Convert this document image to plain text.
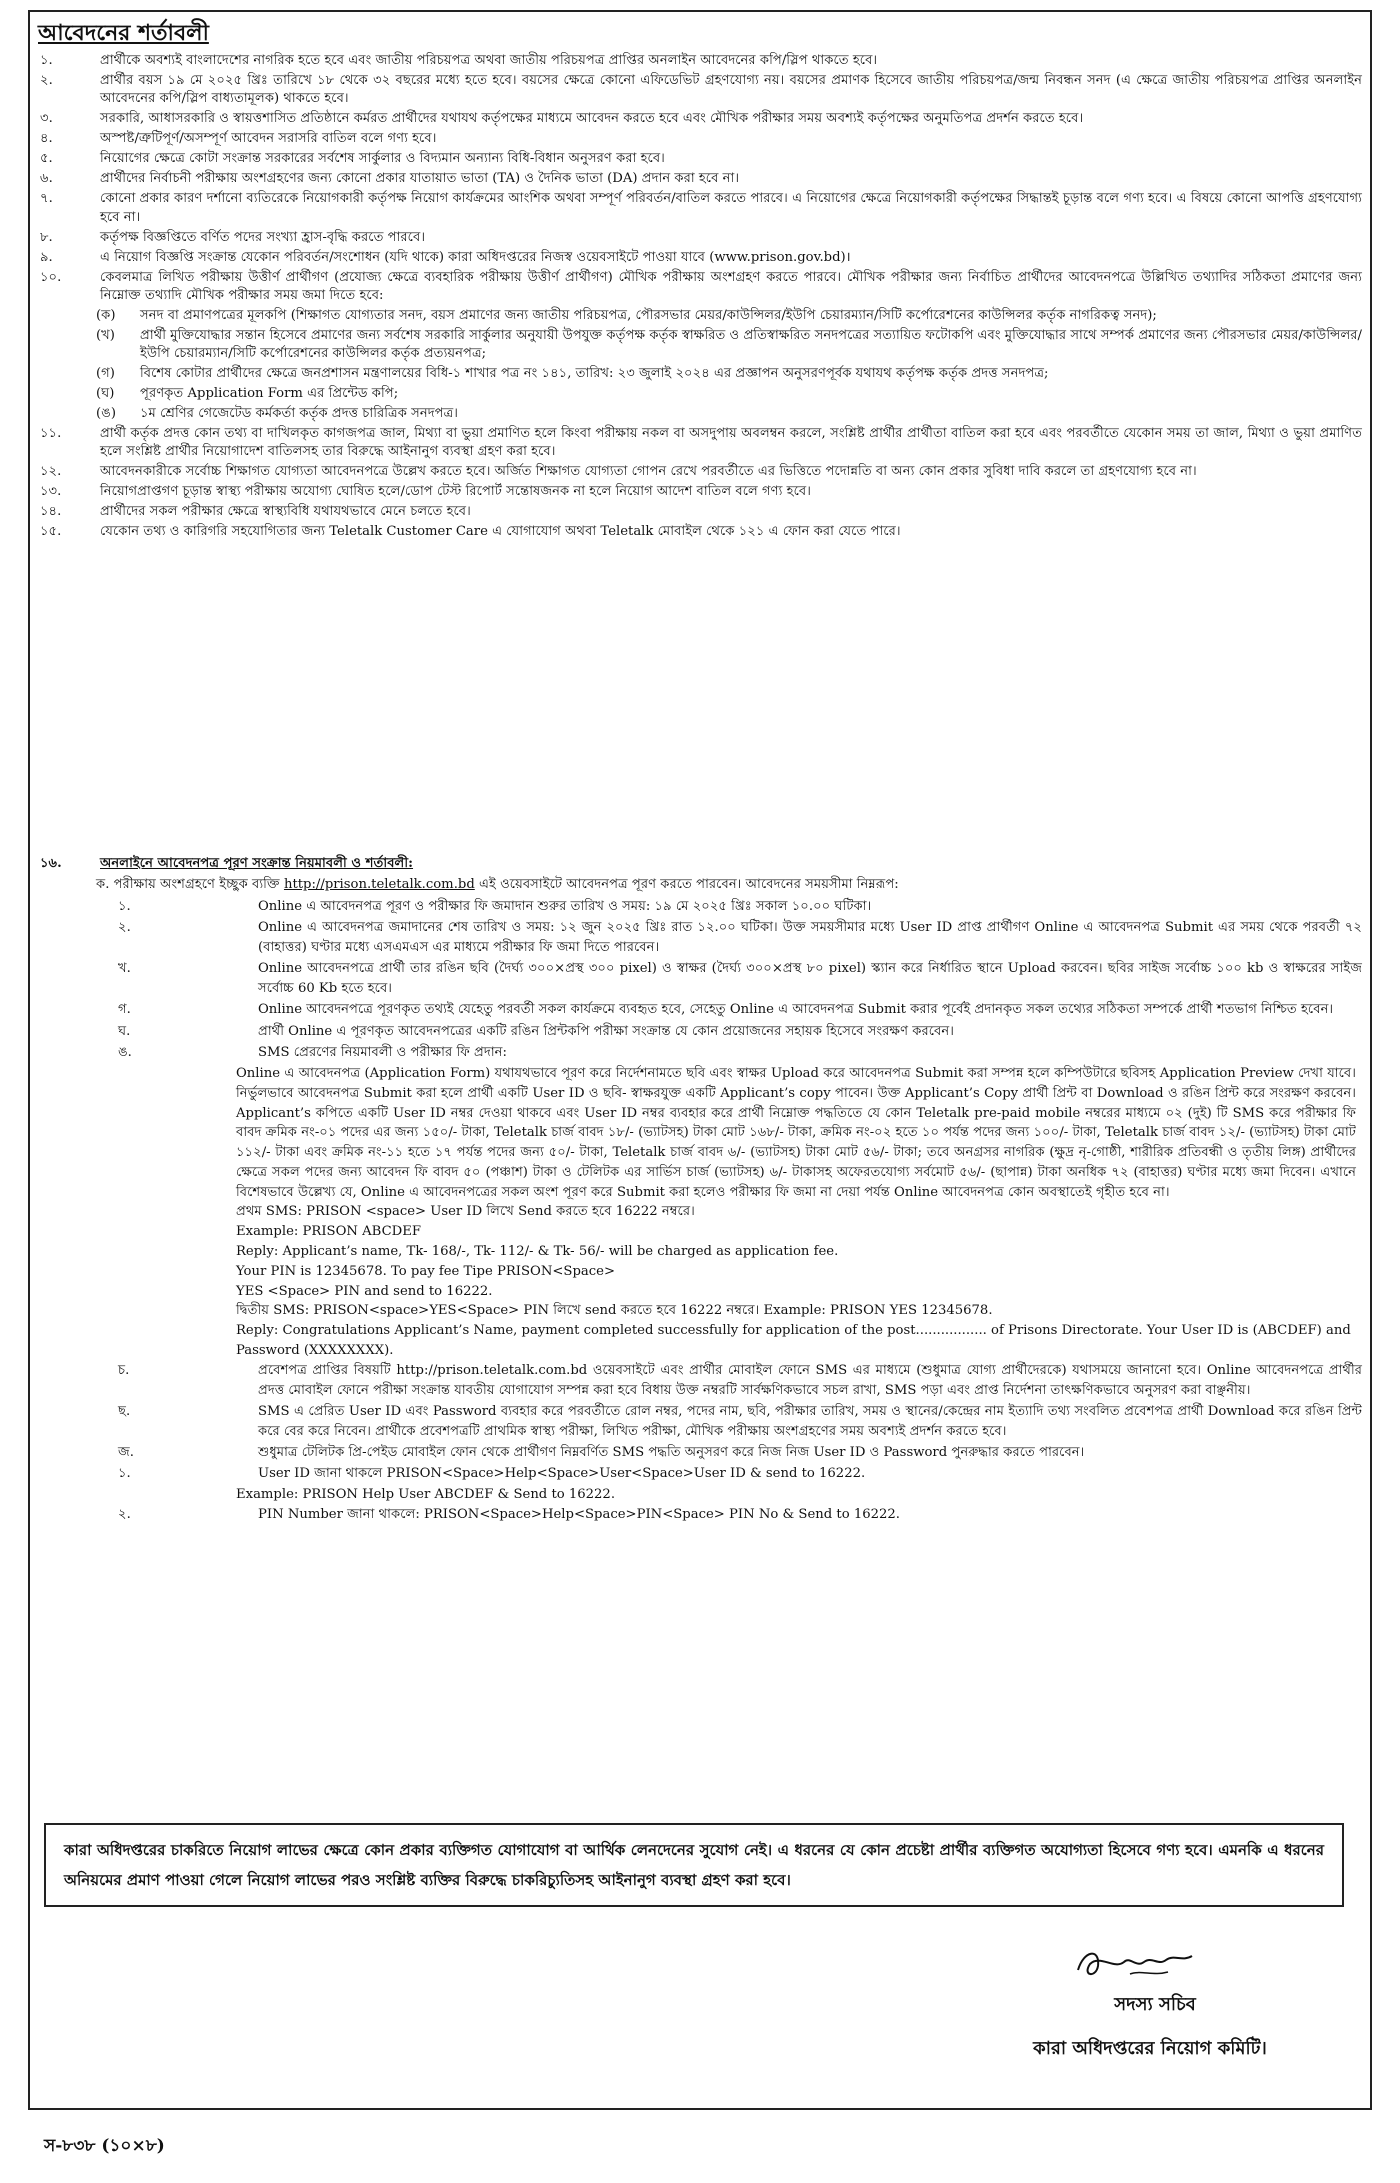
আবেদনের শর্তাবলী
১.	প্রার্থীকে অবশ্যই বাংলাদেশের নাগরিক হতে হবে এবং জাতীয় পরিচয়পত্র অথবা জাতীয় পরিচয়পত্র প্রাপ্তির অনলাইন আবেদনের কপি/স্লিপ থাকতে হবে।
২.	প্রার্থীর বয়স ১৯ মে ২০২৫ খ্রিঃ তারিখে ১৮ থেকে ৩২ বছরের মধ্যে হতে হবে। বয়সের ক্ষেত্রে কোনো এফিডেভিট গ্রহণযোগ্য নয়। বয়সের প্রমাণক হিসেবে জাতীয় পরিচয়পত্র/জন্ম নিবন্ধন সনদ (এ ক্ষেত্রে জাতীয় পরিচয়পত্র প্রাপ্তির অনলাইন আবেদনের কপি/স্লিপ বাধ্যতামূলক) থাকতে হবে।
৩.	সরকারি, আধাসরকারি ও স্বায়ত্তশাসিত প্রতিষ্ঠানে কর্মরত প্রার্থীদের যথাযথ কর্তৃপক্ষের মাধ্যমে আবেদন করতে হবে এবং মৌখিক পরীক্ষার সময় অবশ্যই কর্তৃপক্ষের অনুমতিপত্র প্রদর্শন করতে হবে।
৪.	অস্পষ্ট/ত্রুটিপূর্ণ/অসম্পূর্ণ আবেদন সরাসরি বাতিল বলে গণ্য হবে।
৫.	নিয়োগের ক্ষেত্রে কোটা সংক্রান্ত সরকারের সর্বশেষ সার্কুলার ও বিদ্যমান অন্যান্য বিধি-বিধান অনুসরণ করা হবে।
৬.	প্রার্থীদের নির্বাচনী পরীক্ষায় অংশগ্রহণের জন্য কোনো প্রকার যাতায়াত ভাতা (TA) ও দৈনিক ভাতা (DA) প্রদান করা হবে না।
৭.	কোনো প্রকার কারণ দর্শানো ব্যতিরেকে নিয়োগকারী কর্তৃপক্ষ নিয়োগ কার্যক্রমের আংশিক অথবা সম্পূর্ণ পরিবর্তন/বাতিল করতে পারবে। এ নিয়োগের ক্ষেত্রে নিয়োগকারী কর্তৃপক্ষের সিদ্ধান্তই চূড়ান্ত বলে গণ্য হবে। এ বিষয়ে কোনো আপত্তি গ্রহণযোগ্য হবে না।
৮.	কর্তৃপক্ষ বিজ্ঞপ্তিতে বর্ণিত পদের সংখ্যা হ্রাস-বৃদ্ধি করতে পারবে।
৯.	এ নিয়োগ বিজ্ঞপ্তি সংক্রান্ত যেকোন পরিবর্তন/সংশোধন (যদি থাকে) কারা অধিদপ্তরের নিজস্ব ওয়েবসাইটে পাওয়া যাবে (www.prison.gov.bd)।
১০.	কেবলমাত্র লিখিত পরীক্ষায় উত্তীর্ণ প্রার্থীগণ (প্রযোজ্য ক্ষেত্রে ব্যবহারিক পরীক্ষায় উত্তীর্ণ প্রার্থীগণ) মৌখিক পরীক্ষায় অংশগ্রহণ করতে পারবে। মৌখিক পরীক্ষার জন্য নির্বাচিত প্রার্থীদের আবেদনপত্রে উল্লিখিত তথ্যাদির সঠিকতা প্রমাণের জন্য নিম্নোক্ত তথ্যাদি মৌখিক পরীক্ষার সময় জমা দিতে হবে:
(ক)	সনদ বা প্রমাণপত্রের মূলকপি (শিক্ষাগত যোগ্যতার সনদ, বয়স প্রমাণের জন্য জাতীয় পরিচয়পত্র, পৌরসভার মেয়র/কাউন্সিলর/ইউপি চেয়ারম্যান/সিটি কর্পোরেশনের কাউন্সিলর কর্তৃক নাগরিকত্ব সনদ);
(খ)	প্রার্থী মুক্তিযোদ্ধার সন্তান হিসেবে প্রমাণের জন্য সর্বশেষ সরকারি সার্কুলার অনুযায়ী উপযুক্ত কর্তৃপক্ষ কর্তৃক স্বাক্ষরিত ও প্রতিস্বাক্ষরিত সনদপত্রের সত্যায়িত ফটোকপি এবং মুক্তিযোদ্ধার সাথে সম্পর্ক প্রমাণের জন্য পৌরসভার মেয়র/কাউন্সিলর/ইউপি চেয়ারম্যান/সিটি কর্পোরেশনের কাউন্সিলর কর্তৃক প্রত্যয়নপত্র;
(গ)	বিশেষ কোটার প্রার্থীদের ক্ষেত্রে জনপ্রশাসন মন্ত্রণালয়ের বিধি-১ শাখার পত্র নং ১৪১, তারিখ: ২৩ জুলাই ২০২৪ এর প্রজ্ঞাপন অনুসরণপূর্বক যথাযথ কর্তৃপক্ষ কর্তৃক প্রদত্ত সনদপত্র;
(ঘ)	পূরণকৃত Application Form এর প্রিন্টেড কপি;
(ঙ)	১ম শ্রেণির গেজেটেড কর্মকর্তা কর্তৃক প্রদত্ত চারিত্রিক সনদপত্র।
১১.	প্রার্থী কর্তৃক প্রদত্ত কোন তথ্য বা দাখিলকৃত কাগজপত্র জাল, মিথ্যা বা ভুয়া প্রমাণিত হলে কিংবা পরীক্ষায় নকল বা অসদুপায় অবলম্বন করলে, সংশ্লিষ্ট প্রার্থীর প্রার্থীতা বাতিল করা হবে এবং পরবর্তীতে যেকোন সময় তা জাল, মিথ্যা ও ভুয়া প্রমাণিত হলে সংশ্লিষ্ট প্রার্থীর নিয়োগাদেশ বাতিলসহ তার বিরুদ্ধে আইনানুগ ব্যবস্থা গ্রহণ করা হবে।
১২.	আবেদনকারীকে সর্বোচ্চ শিক্ষাগত যোগ্যতা আবেদনপত্রে উল্লেখ করতে হবে। অর্জিত শিক্ষাগত যোগ্যতা গোপন রেখে পরবর্তীতে এর ভিত্তিতে পদোন্নতি বা অন্য কোন প্রকার সুবিধা দাবি করলে তা গ্রহণযোগ্য হবে না।
১৩.	নিয়োগপ্রাপ্তগণ চূড়ান্ত স্বাস্থ্য পরীক্ষায় অযোগ্য ঘোষিত হলে/ডোপ টেস্ট রিপোর্ট সন্তোষজনক না হলে নিয়োগ আদেশ বাতিল বলে গণ্য হবে।
১৪.	প্রার্থীদের সকল পরীক্ষার ক্ষেত্রে স্বাস্থ্যবিধি যথাযথভাবে মেনে চলতে হবে।
১৫.	যেকোন তথ্য ও কারিগরি সহযোগিতার জন্য Teletalk Customer Care এ যোগাযোগ অথবা Teletalk মোবাইল থেকে ১২১ এ ফোন করা যেতে পারে।
১৬.	অনলাইনে আবেদনপত্র পূরণ সংক্রান্ত নিয়মাবলী ও শর্তাবলী:
ক. পরীক্ষায় অংশগ্রহণে ইচ্ছুক ব্যক্তি http://prison.teletalk.com.bd এই ওয়েবসাইটে আবেদনপত্র পূরণ করতে পারবেন। আবেদনের সময়সীমা নিম্নরূপ:
১.	Online এ আবেদনপত্র পূরণ ও পরীক্ষার ফি জমাদান শুরুর তারিখ ও সময়: ১৯ মে ২০২৫ খ্রিঃ সকাল ১০.০০ ঘটিকা।
২.	Online এ আবেদনপত্র জমাদানের শেষ তারিখ ও সময়: ১২ জুন ২০২৫ খ্রিঃ রাত ১২.০০ ঘটিকা। উক্ত সময়সীমার মধ্যে User ID প্রাপ্ত প্রার্থীগণ Online এ আবেদনপত্র Submit এর সময় থেকে পরবর্তী ৭২ (বাহাত্তর) ঘণ্টার মধ্যে এসএমএস এর মাধ্যমে পরীক্ষার ফি জমা দিতে পারবেন।
খ.	Online আবেদনপত্রে প্রার্থী তার রঙিন ছবি (দৈর্ঘ্য ৩০০×প্রস্থ ৩০০ pixel) ও স্বাক্ষর (দৈর্ঘ্য ৩০০×প্রস্থ ৮০ pixel) স্ক্যান করে নির্ধারিত স্থানে Upload করবেন। ছবির সাইজ সর্বোচ্চ ১০০ kb ও স্বাক্ষরের সাইজ সর্বোচ্চ 60 Kb হতে হবে।
গ.	Online আবেদনপত্রে পূরণকৃত তথ্যই যেহেতু পরবর্তী সকল কার্যক্রমে ব্যবহৃত হবে, সেহেতু Online এ আবেদনপত্র Submit করার পূর্বেই প্রদানকৃত সকল তথ্যের সঠিকতা সম্পর্কে প্রার্থী শতভাগ নিশ্চিত হবেন।
ঘ.	প্রার্থী Online এ পূরণকৃত আবেদনপত্রের একটি রঙিন প্রিন্টকপি পরীক্ষা সংক্রান্ত যে কোন প্রয়োজনের সহায়ক হিসেবে সংরক্ষণ করবেন।
ঙ.	SMS প্রেরণের নিয়মাবলী ও পরীক্ষার ফি প্রদান:
Online এ আবেদনপত্র (Application Form) যথাযথভাবে পূরণ করে নির্দেশনামতে ছবি এবং স্বাক্ষর Upload করে আবেদনপত্র Submit করা সম্পন্ন হলে কম্পিউটারে ছবিসহ Application Preview দেখা যাবে। নির্ভুলভাবে আবেদনপত্র Submit করা হলে প্রার্থী একটি User ID ও ছবি- স্বাক্ষরযুক্ত একটি Applicant’s copy পাবেন। উক্ত Applicant’s Copy প্রার্থী প্রিন্ট বা Download ও রঙিন প্রিন্ট করে সংরক্ষণ করবেন। Applicant’s কপিতে একটি User ID নম্বর দেওয়া থাকবে এবং User ID নম্বর ব্যবহার করে প্রার্থী নিম্নোক্ত পদ্ধতিতে যে কোন Teletalk pre-paid mobile নম্বরের মাধ্যমে ০২ (দুই) টি SMS করে পরীক্ষার ফি বাবদ ক্রমিক নং-০১ পদের এর জন্য ১৫০/- টাকা, Teletalk চার্জ বাবদ ১৮/- (ভ্যাটসহ) টাকা মোট ১৬৮/- টাকা, ক্রমিক নং-০২ হতে ১০ পর্যন্ত পদের জন্য ১০০/- টাকা, Teletalk চার্জ বাবদ ১২/- (ভ্যাটসহ) টাকা মোট ১১২/- টাকা এবং ক্রমিক নং-১১ হতে ১৭ পর্যন্ত পদের জন্য ৫০/- টাকা, Teletalk চার্জ বাবদ ৬/- (ভ্যাটসহ) টাকা মোট ৫৬/- টাকা; তবে অনগ্রসর নাগরিক (ক্ষুদ্র নৃ-গোষ্ঠী, শারীরিক প্রতিবন্ধী ও তৃতীয় লিঙ্গ) প্রার্থীদের ক্ষেত্রে সকল পদের জন্য আবেদন ফি বাবদ ৫০ (পঞ্চাশ) টাকা ও টেলিটক এর সার্ভিস চার্জ (ভ্যাটসহ) ৬/- টাকাসহ অফেরতযোগ্য সর্বমোট ৫৬/- (ছাপান্ন) টাকা অনধিক ৭২ (বাহাত্তর) ঘণ্টার মধ্যে জমা দিবেন। এখানে বিশেষভাবে উল্লেখ্য যে, Online এ আবেদনপত্রের সকল অংশ পূরণ করে Submit করা হলেও পরীক্ষার ফি জমা না দেয়া পর্যন্ত Online আবেদনপত্র কোন অবস্থাতেই গৃহীত হবে না।
প্রথম SMS: PRISON <space> User ID লিখে Send করতে হবে 16222 নম্বরে।
Example: PRISON ABCDEF
Reply: Applicant’s name, Tk- 168/-, Tk- 112/- & Tk- 56/- will be charged as application fee.
Your PIN is 12345678. To pay fee Tipe PRISON<Space>
YES <Space> PIN and send to 16222.
দ্বিতীয় SMS: PRISON<space>YES<Space> PIN লিখে send করতে হবে 16222 নম্বরে। Example: PRISON YES 12345678.
Reply: Congratulations Applicant’s Name, payment completed successfully for application of the post................. of Prisons Directorate. Your User ID is (ABCDEF) and Password (XXXXXXXX).
চ.	প্রবেশপত্র প্রাপ্তির বিষয়টি http://prison.teletalk.com.bd ওয়েবসাইটে এবং প্রার্থীর মোবাইল ফোনে SMS এর মাধ্যমে (শুধুমাত্র যোগ্য প্রার্থীদেরকে) যথাসময়ে জানানো হবে। Online আবেদনপত্রে প্রার্থীর প্রদত্ত মোবাইল ফোনে পরীক্ষা সংক্রান্ত যাবতীয় যোগাযোগ সম্পন্ন করা হবে বিধায় উক্ত নম্বরটি সার্বক্ষণিকভাবে সচল রাখা, SMS পড়া এবং প্রাপ্ত নির্দেশনা তাৎক্ষণিকভাবে অনুসরণ করা বাঞ্ছনীয়।
ছ.	SMS এ প্রেরিত User ID এবং Password ব্যবহার করে পরবর্তীতে রোল নম্বর, পদের নাম, ছবি, পরীক্ষার তারিখ, সময় ও স্থানের/কেন্দ্রের নাম ইত্যাদি তথ্য সংবলিত প্রবেশপত্র প্রার্থী Download করে রঙিন প্রিন্ট করে বের করে নিবেন। প্রার্থীকে প্রবেশপত্রটি প্রাথমিক স্বাস্থ্য পরীক্ষা, লিখিত পরীক্ষা, মৌখিক পরীক্ষায় অংশগ্রহণের সময় অবশ্যই প্রদর্শন করতে হবে।
জ.	শুধুমাত্র টেলিটক প্রি-পেইড মোবাইল ফোন থেকে প্রার্থীগণ নিম্নবর্ণিত SMS পদ্ধতি অনুসরণ করে নিজ নিজ User ID ও Password পুনরুদ্ধার করতে পারবেন।
১.	User ID জানা থাকলে PRISON<Space>Help<Space>User<Space>User ID & send to 16222.
Example: PRISON Help User ABCDEF & Send to 16222.
২.	PIN Number জানা থাকলে: PRISON<Space>Help<Space>PIN<Space> PIN No & Send to 16222.
কারা অধিদপ্তরের চাকরিতে নিয়োগ লাভের ক্ষেত্রে কোন প্রকার ব্যক্তিগত যোগাযোগ বা আর্থিক লেনদেনের সুযোগ নেই। এ ধরনের যে কোন প্রচেষ্টা প্রার্থীর ব্যক্তিগত অযোগ্যতা হিসেবে গণ্য হবে। এমনকি এ ধরনের অনিয়মের প্রমাণ পাওয়া গেলে নিয়োগ লাভের পরও সংশ্লিষ্ট ব্যক্তির বিরুদ্ধে চাকরিচ্যুতিসহ আইনানুগ ব্যবস্থা গ্রহণ করা হবে।
সদস্য সচিব
কারা অধিদপ্তরের নিয়োগ কমিটি।
স-৮৩৮ (১০×৮)
